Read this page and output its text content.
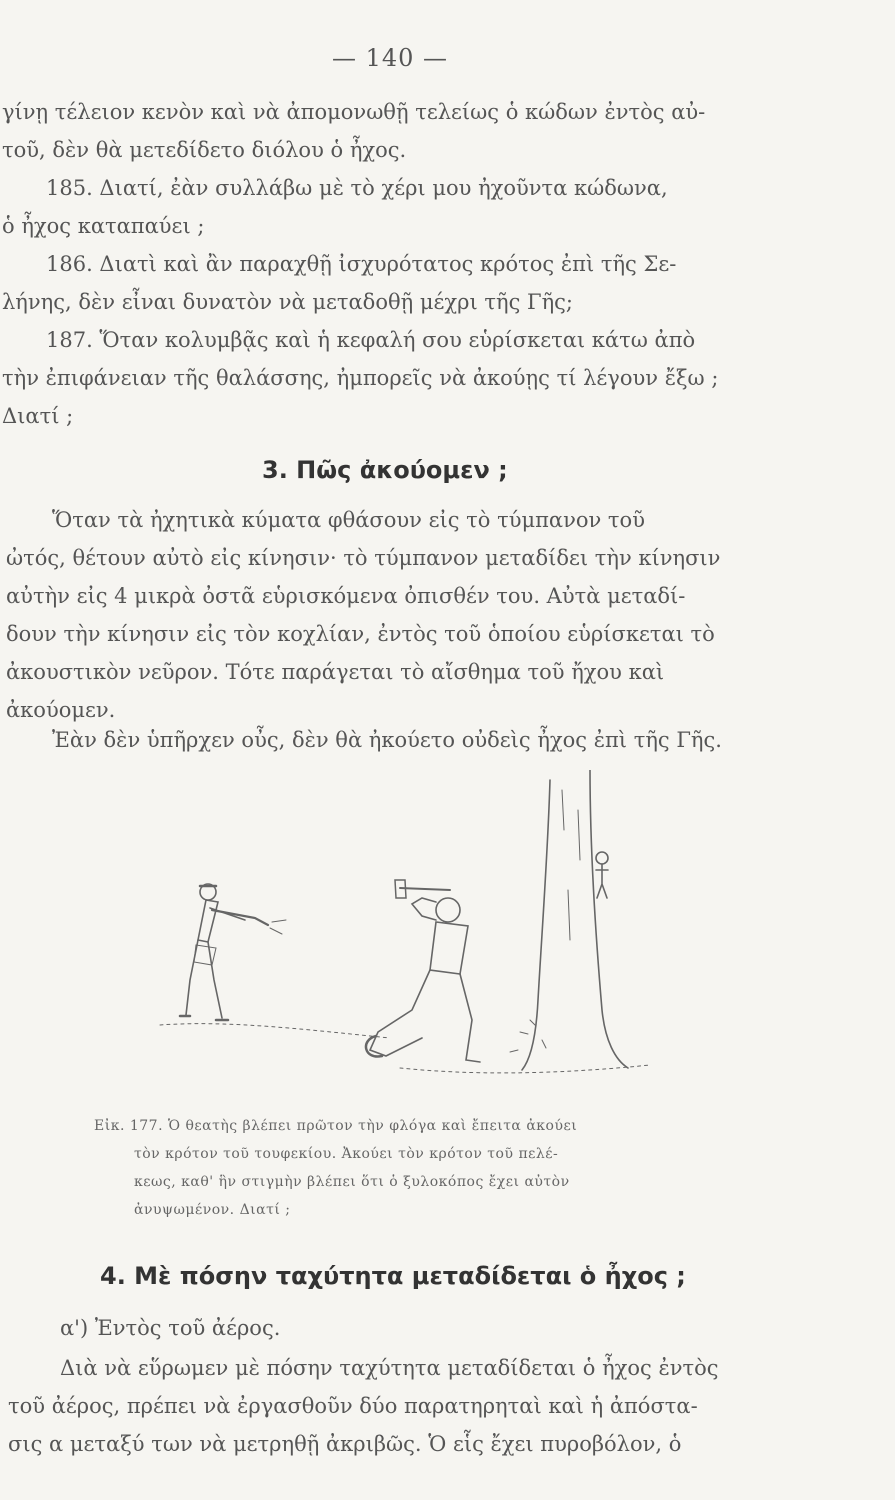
— 140 —
γίνῃ τέλειον κενὸν καὶ νὰ ἀπομονωθῇ τελείως ὁ κώδων ἐντὸς αὐ-
τοῦ, δὲν θὰ μετεδίδετο διόλου ὁ ἦχος.
185. Διατί, ἐὰν συλλάβω μὲ τὸ χέρι μου ἠχοῦντα κώδωνα,
ὁ ἦχος καταπαύει ;
186. Διατὶ καὶ ἂν παραχθῇ ἰσχυρότατος κρότος ἐπὶ τῆς Σε-
λήνης, δὲν εἶναι δυνατὸν νὰ μεταδοθῇ μέχρι τῆς Γῆς;
187. Ὅταν κολυμβᾷς καὶ ἡ κεφαλή σου εὑρίσκεται κάτω ἀπὸ
τὴν ἐπιφάνειαν τῆς θαλάσσης, ἠμπορεῖς νὰ ἀκούῃς τί λέγουν ἔξω ;
Διατί ;
3. Πῶς ἀκούομεν ;
Ὅταν τὰ ἠχητικὰ κύματα φθάσουν εἰς τὸ τύμπανον τοῦ
ὠτός, θέτουν αὐτὸ εἰς κίνησιν· τὸ τύμπανον μεταδίδει τὴν κίνησιν
αὐτὴν εἰς 4 μικρὰ ὀστᾶ εὑρισκόμενα ὀπισθέν του. Αὐτὰ μεταδί-
δουν τὴν κίνησιν εἰς τὸν κοχλίαν, ἐντὸς τοῦ ὁποίου εὑρίσκεται τὸ
ἀκουστικὸν νεῦρον. Τότε παράγεται τὸ αἴσθημα τοῦ ἤχου καὶ
ἀκούομεν.
Ἐὰν δὲν ὑπῆρχεν οὖς, δὲν θὰ ἠκούετο οὐδεὶς ἦχος ἐπὶ τῆς Γῆς.
Εἰκ. 177. Ὁ θεατὴς βλέπει πρῶτον τὴν φλόγα καὶ ἔπειτα ἀκούει
τὸν κρότον τοῦ τουφεκίου. Ἀκούει τὸν κρότον τοῦ πελέ-
κεως, καθ' ἣν στιγμὴν βλέπει ὅτι ὁ ξυλοκόπος ἔχει αὐτὸν
ἀνυψωμένον. Διατί ;
4. Μὲ πόσην ταχύτητα μεταδίδεται ὁ ἦχος ;
α') Ἐντὸς τοῦ ἀέρος.
Διὰ νὰ εὕρωμεν μὲ πόσην ταχύτητα μεταδίδεται ὁ ἦχος ἐντὸς
τοῦ ἀέρος, πρέπει νὰ ἐργασθοῦν δύο παρατηρηταὶ καὶ ἡ ἀπόστα-
σις α μεταξύ των νὰ μετρηθῇ ἀκριβῶς. Ὁ εἷς ἔχει πυροβόλον, ὁ
